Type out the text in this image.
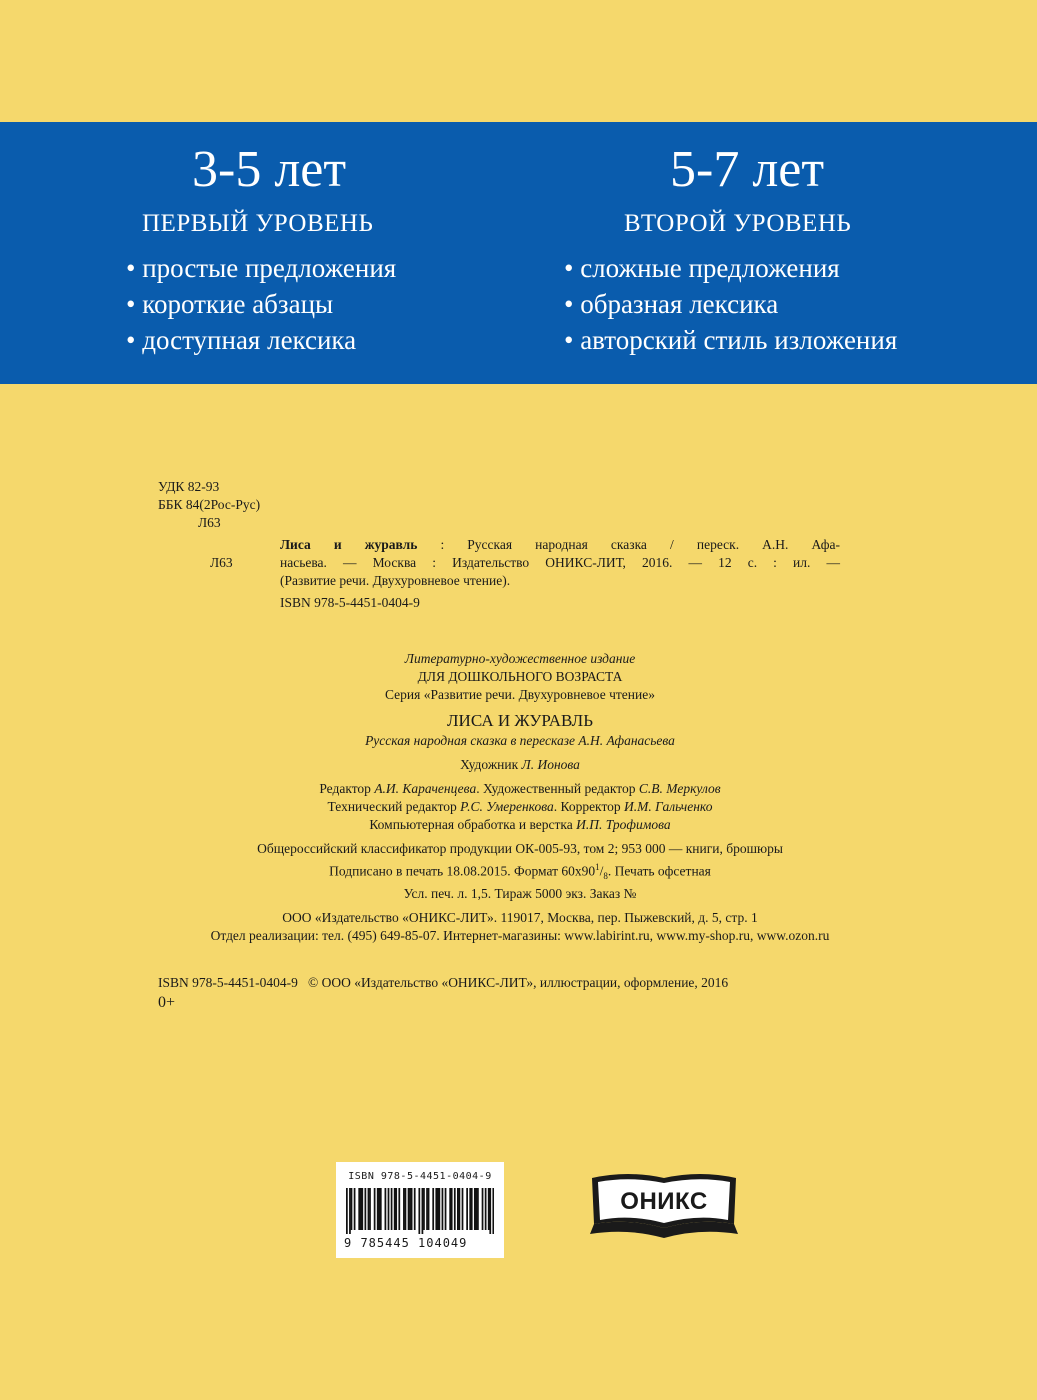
3-5 лет
ПЕРВЫЙ УРОВЕНЬ
• простые предложения
• короткие абзацы
• доступная лексика
5-7 лет
ВТОРОЙ УРОВЕНЬ
• сложные предложения
• образная лексика
• авторский стиль изложения
УДК 82-93
ББК 84(2Рос-Рус)
Л63
Л63
Лиса и журавль : Русская народная сказка / переск. А.Н. Афа-
насьева. — Москва : Издательство ОНИКС-ЛИТ, 2016. — 12 с. : ил. —
(Развитие речи. Двухуровневое чтение).
ISBN 978-5-4451-0404-9
Литературно-художественное издание
ДЛЯ ДОШКОЛЬНОГО ВОЗРАСТА
Серия «Развитие речи. Двухуровневое чтение»
ЛИСА И ЖУРАВЛЬ
Русская народная сказка в пересказе А.Н. Афанасьева
Художник Л. Ионова
Редактор А.И. Караченцева. Художественный редактор С.В. Меркулов
Технический редактор Р.С. Умеренкова. Корректор И.М. Гальченко
Компьютерная обработка и верстка И.П. Трофимова
Общероссийский классификатор продукции ОК-005-93, том 2; 953 000 — книги, брошюры
Подписано в печать 18.08.2015. Формат $60х90^1/_8$. Печать офсетная
Усл. печ. л. 1,5. Тираж 5000 экз. Заказ №
ООО «Издательство «ОНИКС-ЛИТ». 119017, Москва, пер. Пыжевский, д. 5, стр. 1
Отдел реализации: тел. (495) 649-85-07. Интернет-магазины: www.labirint.ru, www.my-shop.ru, www.ozon.ru
ISBN 978-5-4451-0404-9 © ООО «Издательство «ОНИКС-ЛИТ», иллюстрации, оформление, 2016
0+
ISBN 978-5-4451-0404-9
9 785445 104049
ОНИКС
